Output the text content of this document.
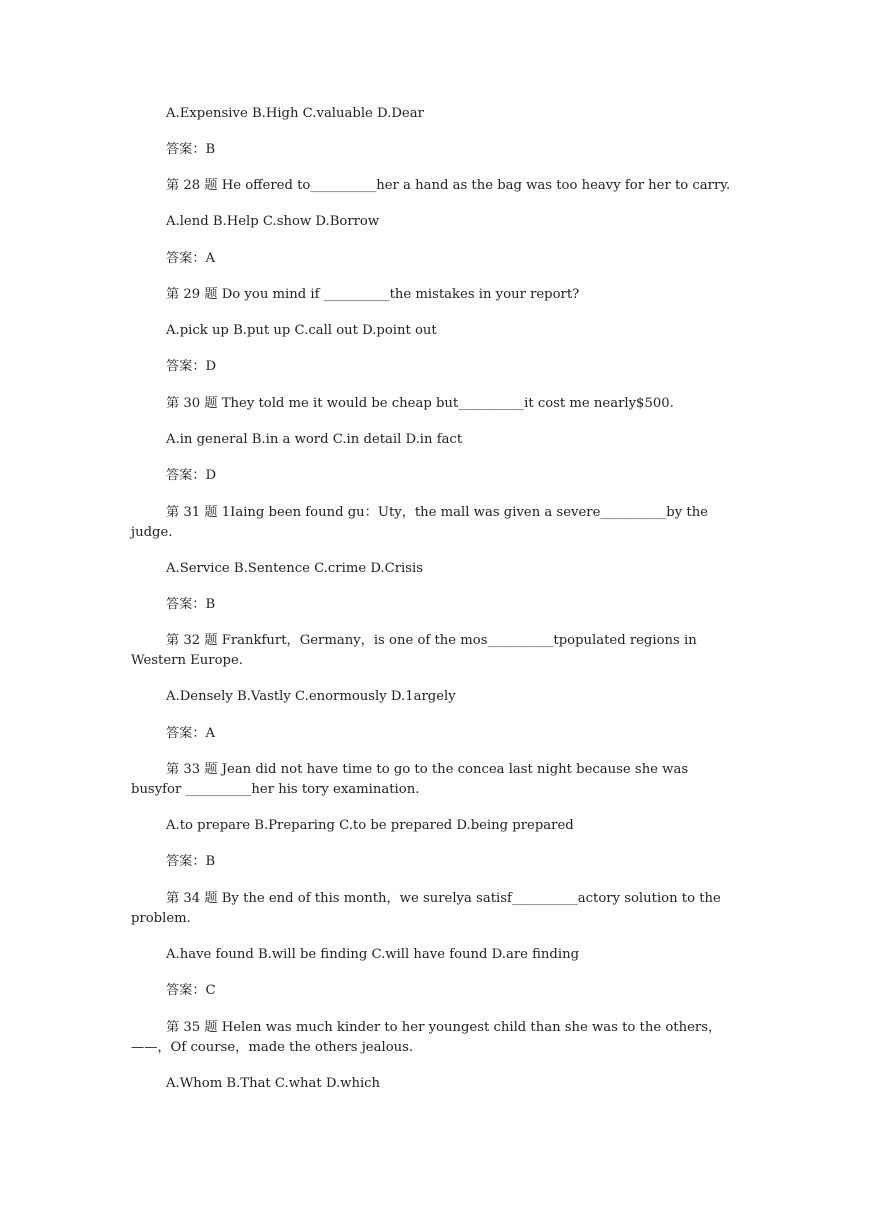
A.Expensive B.High C.valuable D.Dear

答案：B

第 28 题 He offered to__________her a hand as the bag was too heavy for her to carry.

A.lend B.Help C.show D.Borrow

答案：A

第 29 题 Do you mind if __________the mistakes in your report?

A.pick up B.put up C.call out D.point out

答案：D

第 30 题 They told me it would be cheap but__________it cost me nearly$500.

A.in general B.in a word C.in detail D.in fact

答案：D

第 31 题 1Iaing been found gu：Uty，the mall was given a severe__________by the judge.

A.Service B.Sentence C.crime D.Crisis

答案：B

第 32 题 Frankfurt，Germany，is one of the mos__________tpopulated regions in Western Europe.

A.Densely B.Vastly C.enormously D.1argely

答案：A

第 33 题 Jean did not have time to go to the concea last night because she was busyfor __________her his tory examination.

A.to prepare B.Preparing C.to be prepared D.being prepared

答案：B

第 34 题 By the end of this month，we surelya satisf__________actory solution to the problem.

A.have found B.will be finding C.will have found D.are finding

答案：C

第 35 题 Helen was much kinder to her youngest child than she was to the others，——，Of course，made the others jealous.

A.Whom B.That C.what D.which
